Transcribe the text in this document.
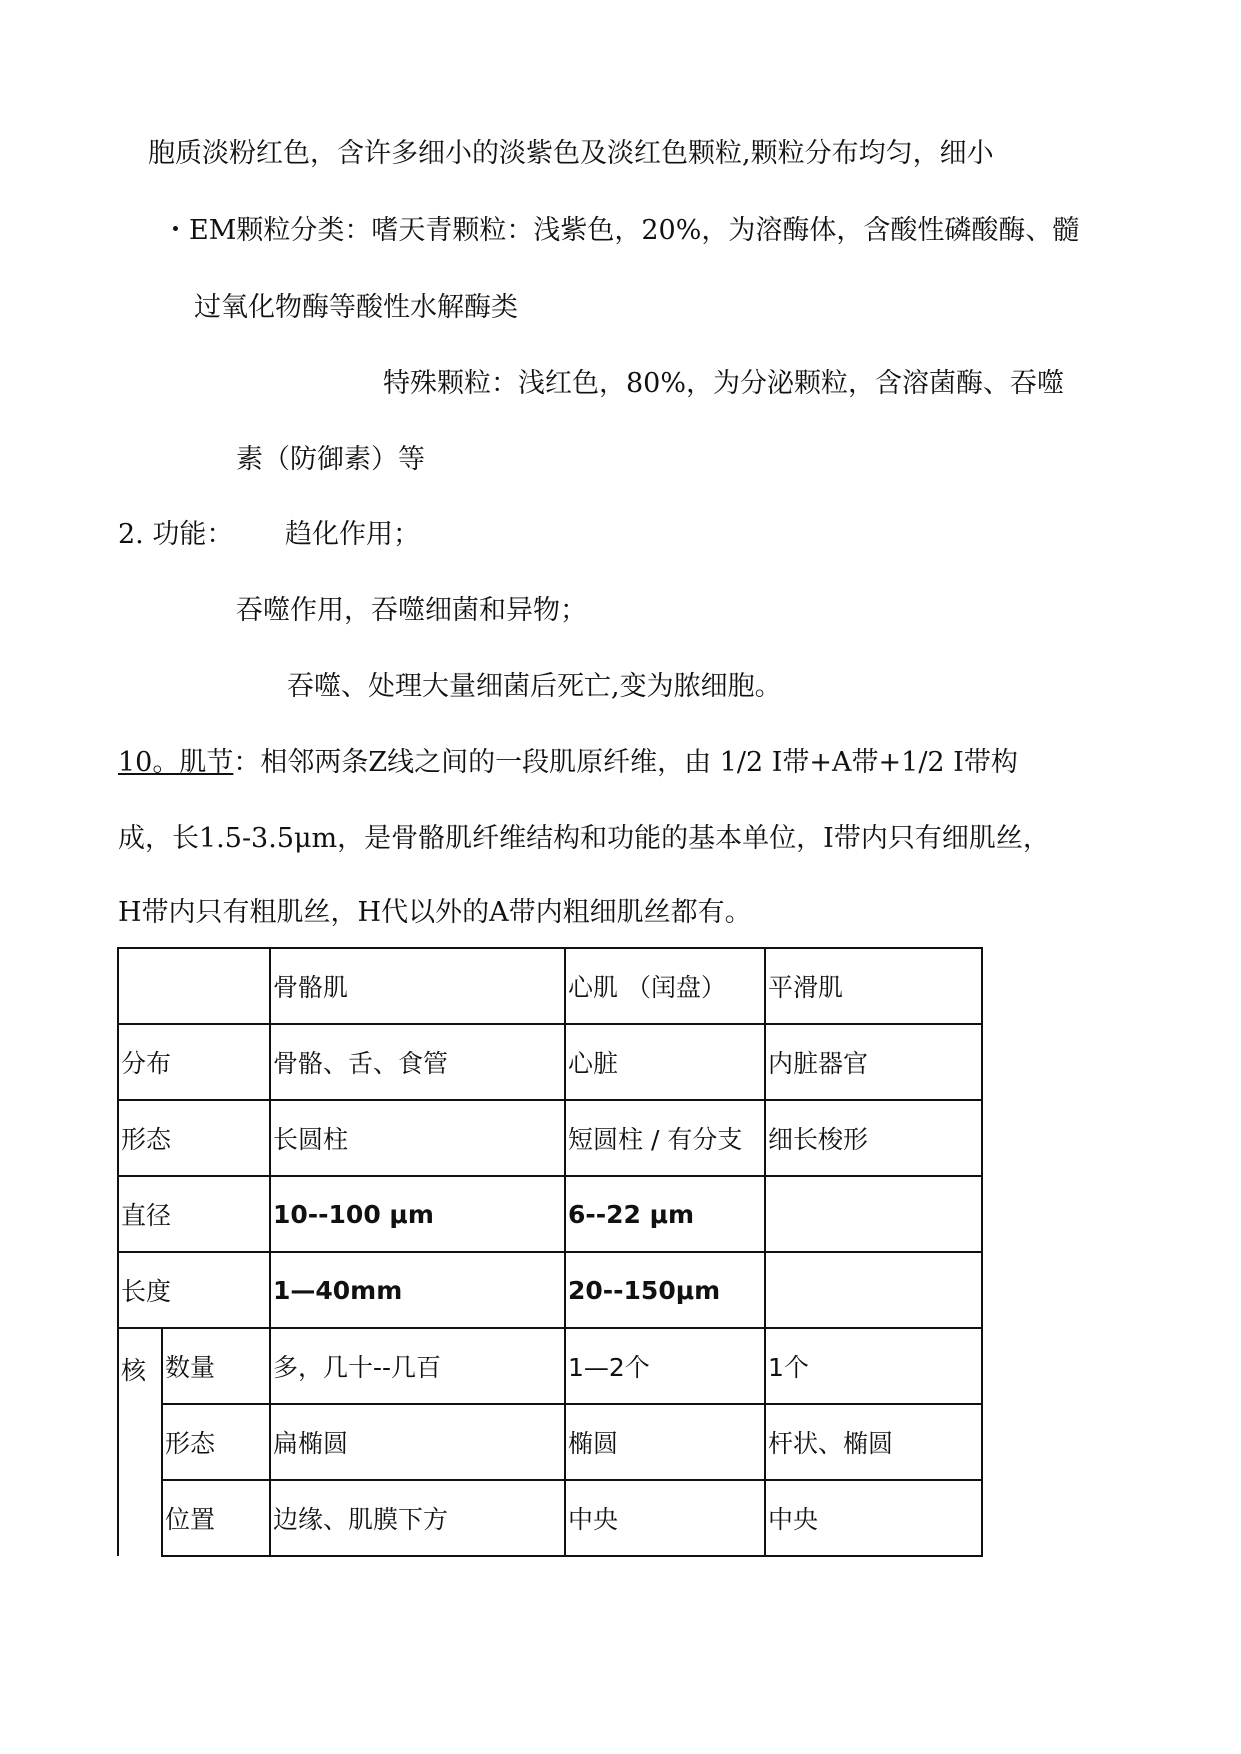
胞质淡粉红色，含许多细小的淡紫色及淡红色颗粒,颗粒分布均匀，细小
・EM颗粒分类：嗜天青颗粒：浅紫色，20%，为溶酶体，含酸性磷酸酶、髓
过氧化物酶等酸性水解酶类
特殊颗粒：浅红色，80%，为分泌颗粒，含溶菌酶、吞噬
素（防御素）等
2. 功能： 趋化作用；
吞噬作用，吞噬细菌和异物；
吞噬、处理大量细菌后死亡,变为脓细胞。
10。肌节：相邻两条Z线之间的一段肌原纤维，由 1/2 I带+A带+1/2 I带构
成，长1.5-3.5μm，是骨骼肌纤维结构和功能的基本单位，I带内只有细肌丝，
H带内只有粗肌丝，H代以外的A带内粗细肌丝都有。
		骨骼肌	心肌 （闰盘）	平滑肌
分布		骨骼、舌、食管	心脏	内脏器官
形态		长圆柱	短圆柱 / 有分支	细长梭形
直径		10--100 μm	6--22 μm	
长度		1—40mm	20--150μm	
核	数量	多，几十--几百	1—2个	1个
	形态	扁椭圆	椭圆	杆状、椭圆
	位置	边缘、肌膜下方	中央	中央
